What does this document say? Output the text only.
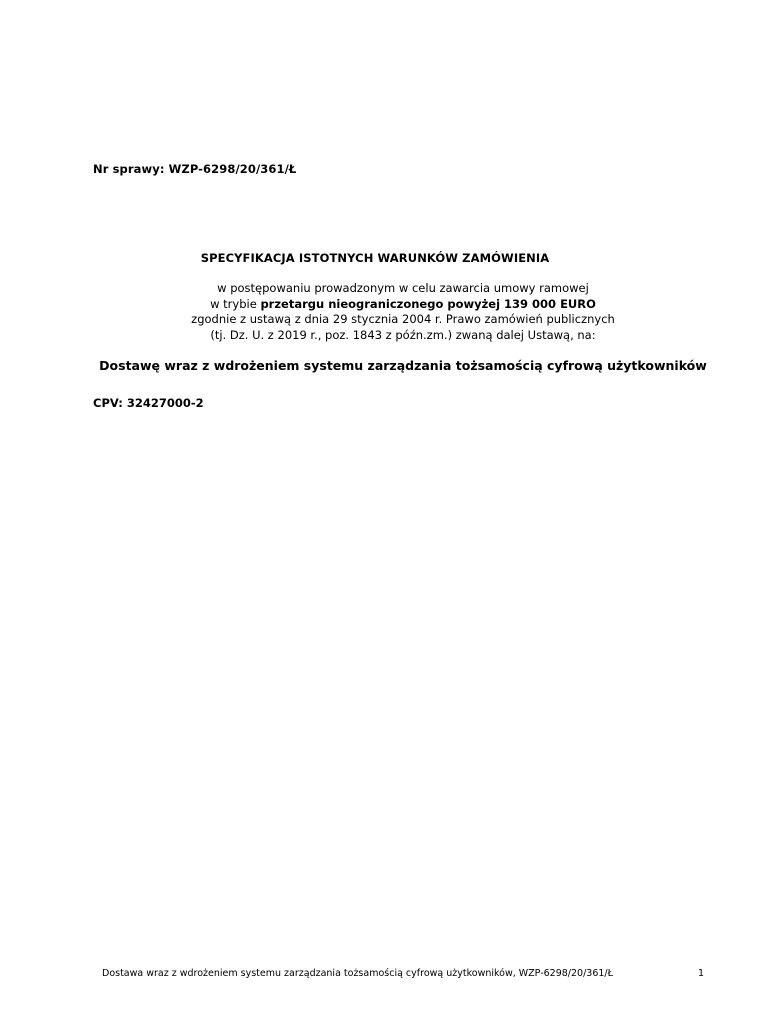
Nr sprawy: WZP-6298/20/361/Ł
SPECYFIKACJA ISTOTNYCH WARUNKÓW ZAMÓWIENIA
w postępowaniu prowadzonym w celu zawarcia umowy ramowej
w trybie przetargu nieograniczonego powyżej 139 000 EURO
zgodnie z ustawą z dnia 29 stycznia 2004 r. Prawo zamówień publicznych
(tj. Dz. U. z 2019 r., poz. 1843 z późn.zm.) zwaną dalej Ustawą, na:
Dostawę wraz z wdrożeniem systemu zarządzania tożsamością cyfrową użytkowników
CPV: 32427000-2
Dostawa wraz z wdrożeniem systemu zarządzania tożsamością cyfrową użytkowników, WZP-6298/20/361/Ł	1
